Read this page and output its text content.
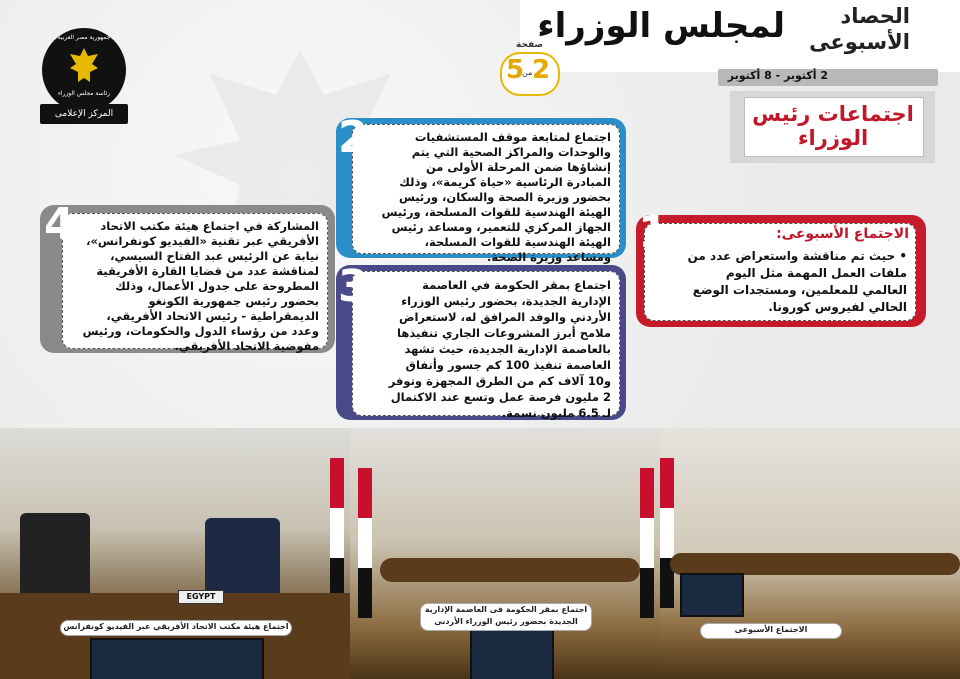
لمجلس الوزراء	الحصاد
الأسبوعى
2 أكتوبر - 8 أكتوبر
صفحة
2
من
5
جمهورية مصر العربية
رئاسة مجلس الوزراء
المركز الإعلامى	اجتماعات رئيس الوزراء
الاجتماع الأسبوعى:
• حيث تم مناقشة واستعراض عدد من ملفات العمل المهمة مثل اليوم العالمي للمعلمين، ومستجدات الوضع الحالي لفيروس كورونا.
1
اجتماع لمتابعة موقف المستشفيات والوحدات والمراكز الصحية التي يتم إنشاؤها ضمن المرحلة الأولى من المبادرة الرئاسية «حياة كريمة»، وذلك بحضور وزيرة الصحة والسكان، ورئيس الهيئة الهندسية للقوات المسلحة، ورئيس الجهاز المركزي للتعمير، ومساعد رئيس الهيئة الهندسية للقوات المسلحة، ومساعد وزيرة الصحة.
2
اجتماع بمقر الحكومة في العاصمة الإدارية الجديدة، بحضور رئيس الوزراء الأردني والوفد المرافق له، لاستعراض ملامح أبرز المشروعات الجاري تنفيذها بالعاصمة الإدارية الجديدة، حيث تشهد العاصمة تنفيذ 100 كم جسور وأنفاق و10 آلاف كم من الطرق المجهزة وتوفر 2 مليون فرصة عمل وتسع عند الاكتمال لـ 6.5 مليون نسمة.
3
المشاركة في اجتماع هيئة مكتب الاتحاد الأفريقي عبر تقنية «الفيديو كونفرانس»، نيابة عن الرئيس عبد الفتاح السيسي، لمناقشة عدد من قضايا القارة الأفريقية المطروحة على جدول الأعمال، وذلك بحضور رئيس جمهورية الكونغو الديمقراطية - رئيس الاتحاد الأفريقي، وعدد من رؤساء الدول والحكومات، ورئيس مفوضية الاتحاد الأفريقي.
4
EGYPT
اجتماع هيئة مكتب الاتحاد الأفريقي عبر الفيديو كونفرانس
اجتماع بمقر الحكومة فى العاصمة الإدارية الجديدة بحضور رئيس الوزراء الأردنى
الاجتماع الأسبوعى
